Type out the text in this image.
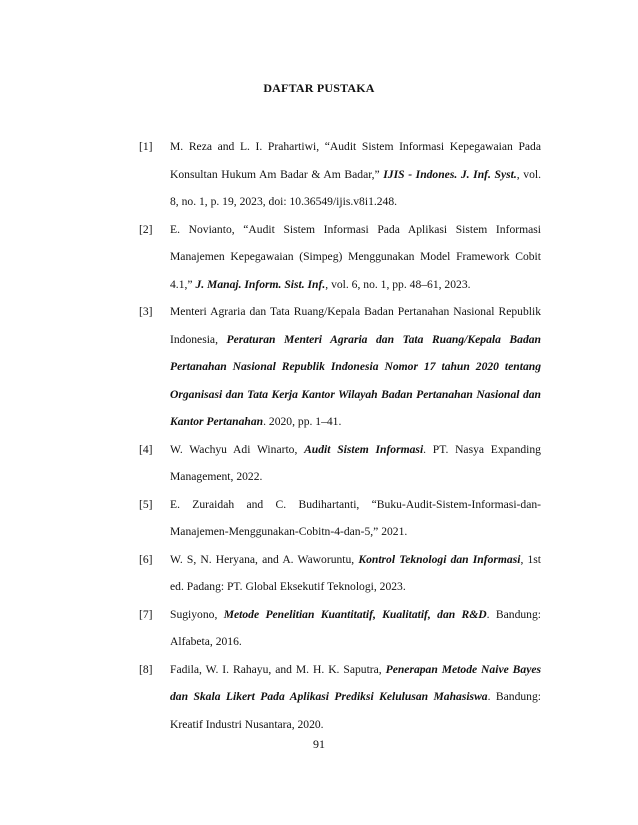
DAFTAR PUSTAKA
[1] M. Reza and L. I. Prahartiwi, “Audit Sistem Informasi Kepegawaian Pada Konsultan Hukum Am Badar & Am Badar,” IJIS - Indones. J. Inf. Syst., vol. 8, no. 1, p. 19, 2023, doi: 10.36549/ijis.v8i1.248.
[2] E. Novianto, “Audit Sistem Informasi Pada Aplikasi Sistem Informasi Manajemen Kepegawaian (Simpeg) Menggunakan Model Framework Cobit 4.1,” J. Manaj. Inform. Sist. Inf., vol. 6, no. 1, pp. 48–61, 2023.
[3] Menteri Agraria dan Tata Ruang/Kepala Badan Pertanahan Nasional Republik Indonesia, Peraturan Menteri Agraria dan Tata Ruang/Kepala Badan Pertanahan Nasional Republik Indonesia Nomor 17 tahun 2020 tentang Organisasi dan Tata Kerja Kantor Wilayah Badan Pertanahan Nasional dan Kantor Pertanahan. 2020, pp. 1–41.
[4] W. Wachyu Adi Winarto, Audit Sistem Informasi. PT. Nasya Expanding Management, 2022.
[5] E. Zuraidah and C. Budihartanti, “Buku-Audit-Sistem-Informasi-dan-Manajemen-Menggunakan-Cobitn-4-dan-5,” 2021.
[6] W. S, N. Heryana, and A. Waworuntu, Kontrol Teknologi dan Informasi, 1st ed. Padang: PT. Global Eksekutif Teknologi, 2023.
[7] Sugiyono, Metode Penelitian Kuantitatif, Kualitatif, dan R&D. Bandung: Alfabeta, 2016.
[8] Fadila, W. I. Rahayu, and M. H. K. Saputra, Penerapan Metode Naive Bayes dan Skala Likert Pada Aplikasi Prediksi Kelulusan Mahasiswa. Bandung: Kreatif Industri Nusantara, 2020.
91
